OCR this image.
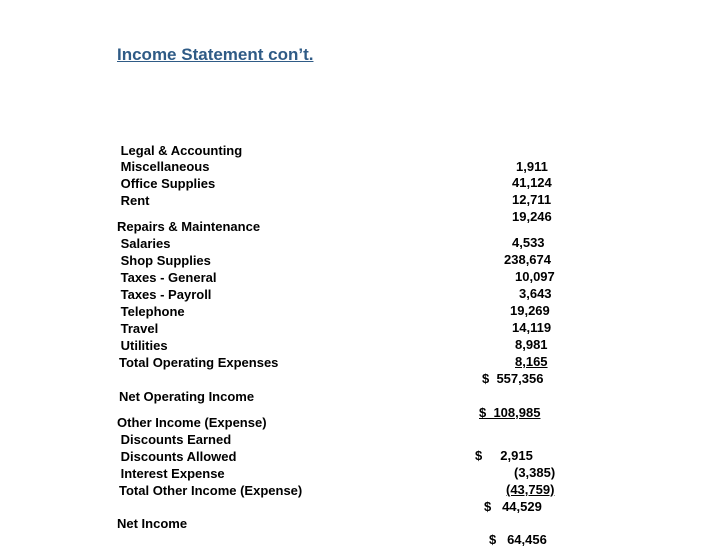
Income Statement con’t.

Legal & Accounting

1,911

Miscellaneous

41,124

Office Supplies

12,711

Rent

19,246

Repairs & Maintenance

4,533

Salaries

238,674

Shop Supplies

10,097

Taxes - General

3,643

Taxes - Payroll

19,269

Telephone

14,119

Travel

8,981

Utilities

8,165

Total Operating Expenses

$  557,356

Net Operating Income

$  108,985

Other Income (Expense)

Discounts Earned

$     2,915

Discounts Allowed

(3,385)

Interest Expense

(43,759)

Total Other Income (Expense)

$   44,529

Net Income

$   64,456
